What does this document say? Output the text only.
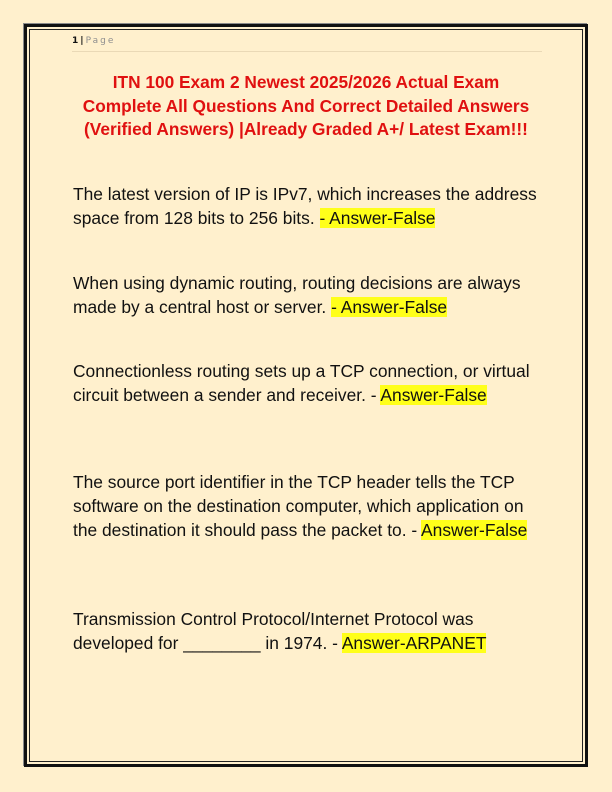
1 | Page
ITN 100 Exam 2 Newest 2025/2026 Actual Exam
Complete All Questions And Correct Detailed Answers
(Verified Answers) |Already Graded A+/ Latest Exam!!!
The latest version of IP is IPv7, which increases the address space from 128 bits to 256 bits. - Answer-False
When using dynamic routing, routing decisions are always made by a central host or server. - Answer-False
Connectionless routing sets up a TCP connection, or virtual circuit between a sender and receiver. - Answer-False
The source port identifier in the TCP header tells the TCP software on the destination computer, which application on the destination it should pass the packet to. - Answer-False
Transmission Control Protocol/Internet Protocol was developed for ________ in 1974. - Answer-ARPANET
